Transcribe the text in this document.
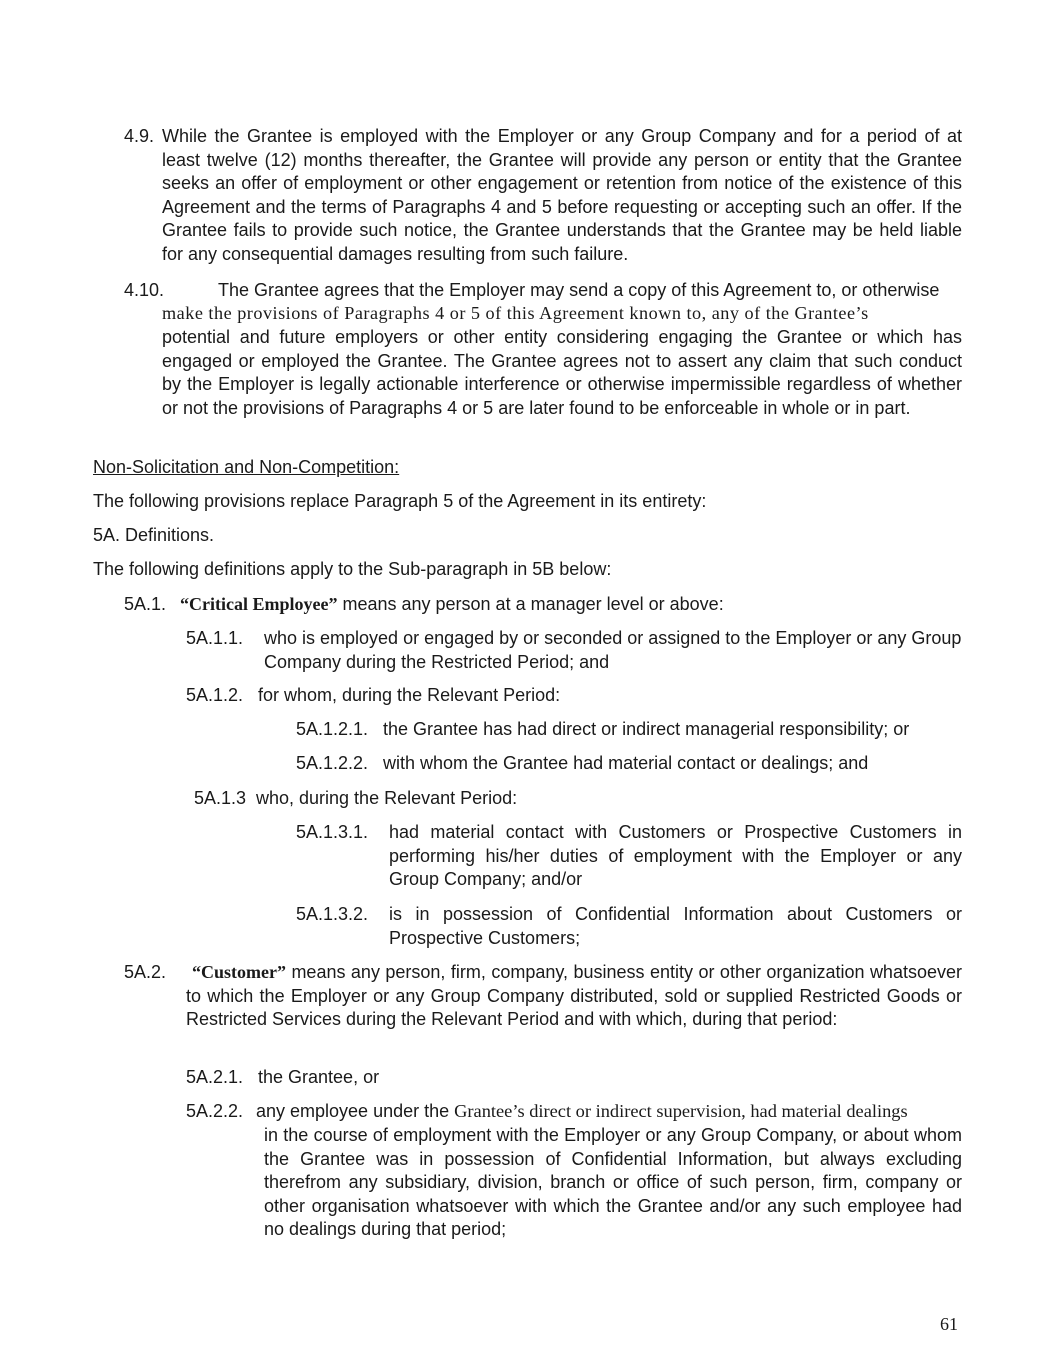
4.9. While the Grantee is employed with the Employer or any Group Company and for a period of at least twelve (12) months thereafter, the Grantee will provide any person or entity that the Grantee seeks an offer of employment or other engagement or retention from notice of the existence of this Agreement and the terms of Paragraphs 4 and 5 before requesting or accepting such an offer. If the Grantee fails to provide such notice, the Grantee understands that the Grantee may be held liable for any consequential damages resulting from such failure.

4.10.	The Grantee agrees that the Employer may send a copy of this Agreement to, or otherwise
make the provisions of Paragraphs 4 or 5 of this Agreement known to, any of the Grantee’s

potential and future employers or other entity considering engaging the Grantee or which has engaged or employed the Grantee. The Grantee agrees not to assert any claim that such conduct by the Employer is legally actionable interference or otherwise impermissible regardless of whether or not the provisions of Paragraphs 4 or 5 are later found to be enforceable in whole or in part.

Non-Solicitation and Non-Competition:
The following provisions replace Paragraph 5 of the Agreement in its entirety:
5A. Definitions.
The following definitions apply to the Sub-paragraph in 5B below:
5A.1. “Critical Employee” means any person at a manager level or above:
5A.1.1.	who is employed or engaged by or seconded or assigned to the Employer or any Group Company during the Restricted Period; and
5A.1.2. for whom, during the Relevant Period:
5A.1.2.1. the Grantee has had direct or indirect managerial responsibility; or
5A.1.2.2. with whom the Grantee had material contact or dealings; and
5A.1.3 who, during the Relevant Period:
5A.1.3.1. had material contact with Customers or Prospective Customers in performing his/her duties of employment with the Employer or any Group Company; and/or

5A.1.3.2. is in possession of Confidential Information about Customers or Prospective Customers;

5A.2.	“Customer” means any person, firm, company, business entity or other organization whatsoever to which the Employer or any Group Company distributed, sold or supplied Restricted Goods or Restricted Services during the Relevant Period and with which, during that period:

5A.2.1. the Grantee, or
5A.2.2. any employee under the Grantee’s direct or indirect supervision, had material dealings

in the course of employment with the Employer or any Group Company, or about whom the Grantee was in possession of Confidential Information, but always excluding therefrom any subsidiary, division, branch or office of such person, firm, company or other organisation whatsoever with which the Grantee and/or any such employee had no dealings during that period;

61
